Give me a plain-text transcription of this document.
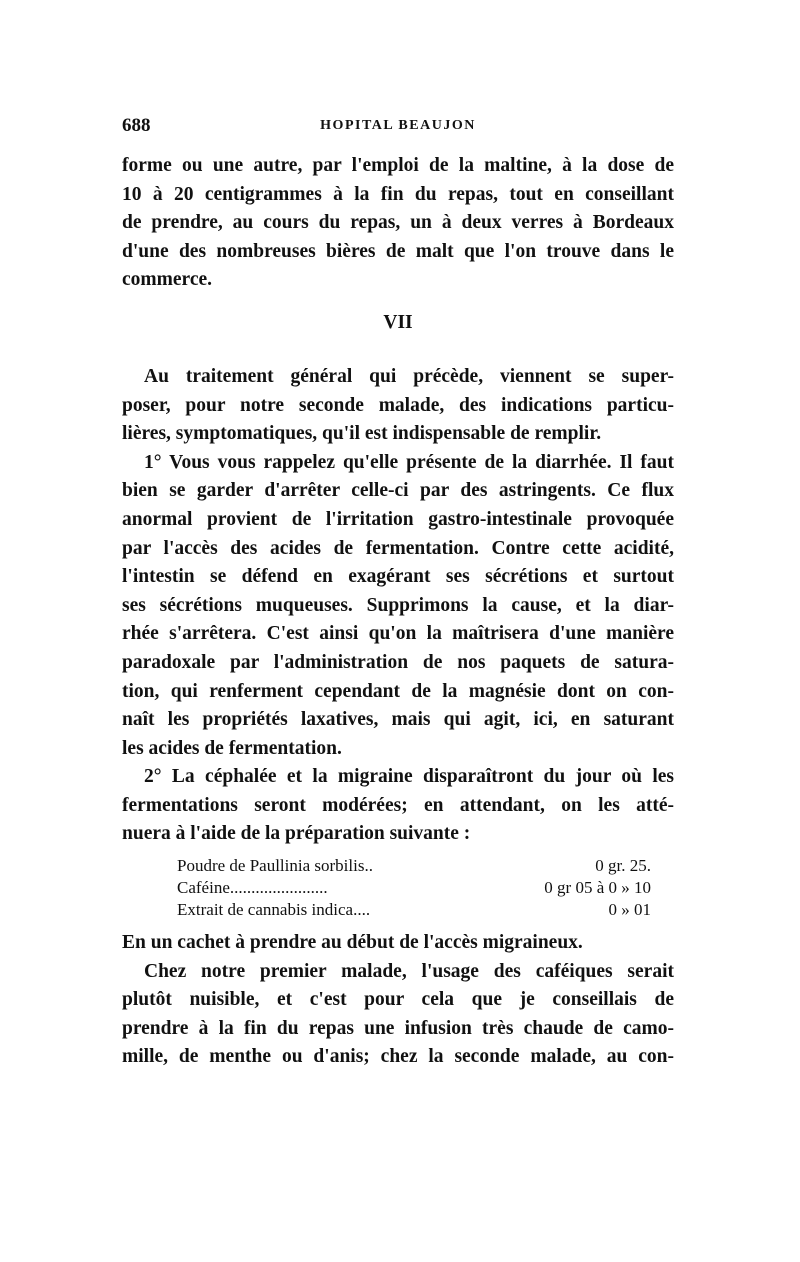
688	HOPITAL BEAUJON
forme ou une autre, par l'emploi de la maltine, à la dose de
10 à 20 centigrammes à la fin du repas, tout en conseillant
de prendre, au cours du repas, un à deux verres à Bordeaux
d'une des nombreuses bières de malt que l'on trouve dans le
commerce.
VII
Au traitement général qui précède, viennent se super-
poser, pour notre seconde malade, des indications particu-
lières, symptomatiques, qu'il est indispensable de remplir.
1° Vous vous rappelez qu'elle présente de la diarrhée. Il faut
bien se garder d'arrêter celle-ci par des astringents. Ce flux
anormal provient de l'irritation gastro-intestinale provoquée
par l'accès des acides de fermentation. Contre cette acidité,
l'intestin se défend en exagérant ses sécrétions et surtout
ses sécrétions muqueuses. Supprimons la cause, et la diar-
rhée s'arrêtera. C'est ainsi qu'on la maîtrisera d'une manière
paradoxale par l'administration de nos paquets de satura-
tion, qui renferment cependant de la magnésie dont on con-
naît les propriétés laxatives, mais qui agit, ici, en saturant
les acides de fermentation.
2° La céphalée et la migraine disparaîtront du jour où les
fermentations seront modérées; en attendant, on les atté-
nuera à l'aide de la préparation suivante :
Poudre de Paullinia sorbilis..	0 gr. 25.
Caféine.......................	0 gr 05 à 0 » 10
Extrait de cannabis indica....	0 » 01
En un cachet à prendre au début de l'accès migraineux.
Chez notre premier malade, l'usage des caféiques serait
plutôt nuisible, et c'est pour cela que je conseillais de
prendre à la fin du repas une infusion très chaude de camo-
mille, de menthe ou d'anis; chez la seconde malade, au con-
